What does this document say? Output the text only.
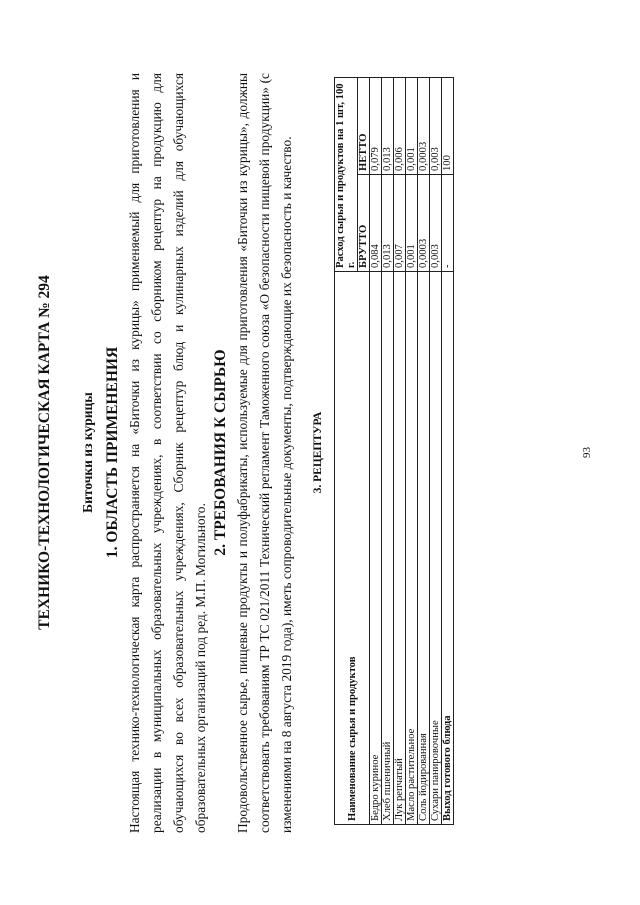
ТЕХНИКО-ТЕХНОЛОГИЧЕСКАЯ КАРТА № 294 Биточки из курицы 1. ОБЛАСТЬ ПРИМЕНЕНИЯ Настоящая технико-технологическая карта распространяется на «Биточки из курицы» применяемый для приготовления и реализации в муниципальных образовательных учреждениях, в соответствии со сборником рецептур на продукцию для обучающихся во всех образовательных учреждениях, Сборник рецептур блюд и кулинарных изделий для обучающихся образовательных организаций под ред. М.П. Могильного.

2. ТРЕБОВАНИЯ К СЫРЬЮ Продовольственное сырье, пищевые продукты и полуфабрикаты, используемые для приготовления «Биточки из курицы», должны соответствовать требованиям ТР ТС 021/2011 Технический регламент Таможенного союза «О безопасности пищевой продукции» (с изменениями на 8 августа 2019 года), иметь сопроводительные документы, подтверждающие их безопасность и качество.	3. РЕЦЕПТУРА
Наименование сырья и продуктов	Расход сырья и продуктов на 1 шт, 100 г.	
	БРУТТО	НЕТТО
Бедро куриное	0,084	0,079
Хлеб пшеничный	0,013	0,013
Лук репчатый	0,007	0,006
Масло растительное	0,001	0,001
Соль йодированная	0,0003	0,0003
Сухари панировочные	0,003	0,003
Выход готового блюда	-	100
93
